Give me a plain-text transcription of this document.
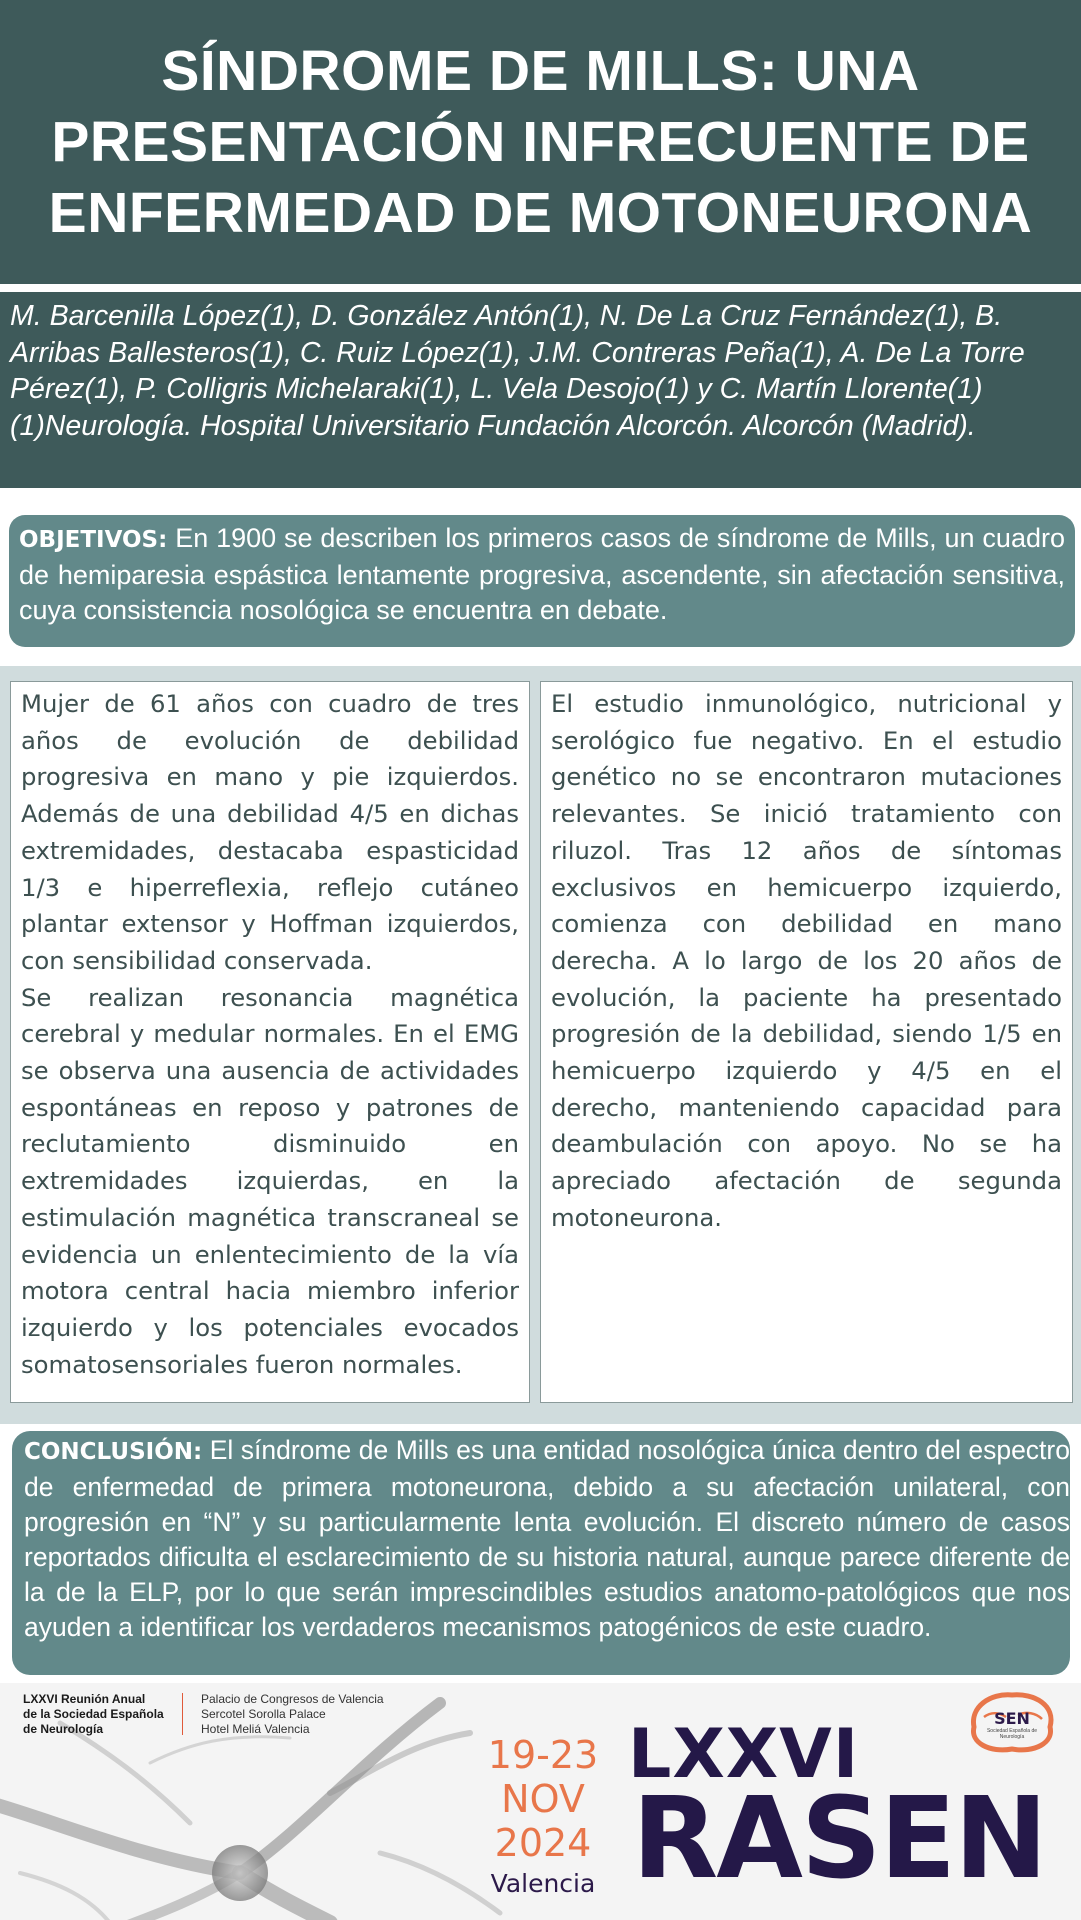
SÍNDROME DE MILLS: UNA
PRESENTACIÓN INFRECUENTE DE
ENFERMEDAD DE MOTONEURONA

M. Barcenilla López(1), D. González Antón(1), N. De La Cruz Fernández(1), B. Arribas Ballesteros(1), C. Ruiz López(1), J.M. Contreras Peña(1), A. De La Torre Pérez(1), P. Colligris Michelaraki(1), L. Vela Desojo(1) y C. Martín Llorente(1) (1)Neurología. Hospital Universitario Fundación Alcorcón. Alcorcón (Madrid).

OBJETIVOS: En 1900 se describen los primeros casos de síndrome de Mills, un cuadro de hemiparesia espástica lentamente progresiva, ascendente, sin afectación sensitiva, cuya consistencia nosológica se encuentra en debate.

Mujer de 61 años con cuadro de tres años de evolución de debilidad progresiva en mano y pie izquierdos. Además de una debilidad 4/5 en dichas extremidades, destacaba espasticidad 1/3 e hiperreflexia, reflejo cutáneo plantar extensor y Hoffman izquierdos, con sensibilidad conservada.

Se realizan resonancia magnética cerebral y medular normales. En el EMG se observa una ausencia de actividades espontáneas en reposo y patrones de reclutamiento disminuido en extremidades izquierdas, en la estimulación magnética transcraneal se evidencia un enlentecimiento de la vía motora central hacia miembro inferior izquierdo y los potenciales evocados somatosensoriales fueron normales.

El estudio inmunológico, nutricional y serológico fue negativo. En el estudio genético no se encontraron mutaciones relevantes. Se inició tratamiento con riluzol. Tras 12 años de síntomas exclusivos en hemicuerpo izquierdo, comienza con debilidad en mano derecha. A lo largo de los 20 años de evolución, la paciente ha presentado progresión de la debilidad, siendo 1/5 en hemicuerpo izquierdo y 4/5 en el derecho, manteniendo capacidad para deambulación con apoyo. No se ha apreciado afectación de segunda motoneurona.

CONCLUSIÓN: El síndrome de Mills es una entidad nosológica única dentro del espectro de enfermedad de primera motoneurona, debido a su afectación unilateral, con progresión en “N” y su particularmente lenta evolución. El discreto número de casos reportados dificulta el esclarecimiento de su historia natural, aunque parece diferente de la de la ELP, por lo que serán imprescindibles estudios anatomo-patológicos que nos ayuden a identificar los verdaderos mecanismos patogénicos de este cuadro.

LXXVI Reunión Anual
de la Sociedad Española
de Neurología
Palacio de Congresos de Valencia
Sercotel Sorolla Palace
Hotel Meliá Valencia
19-23
NOV
2024
Valencia
LXXVI
RASEN
SEN
Sociedad Española de Neurología
